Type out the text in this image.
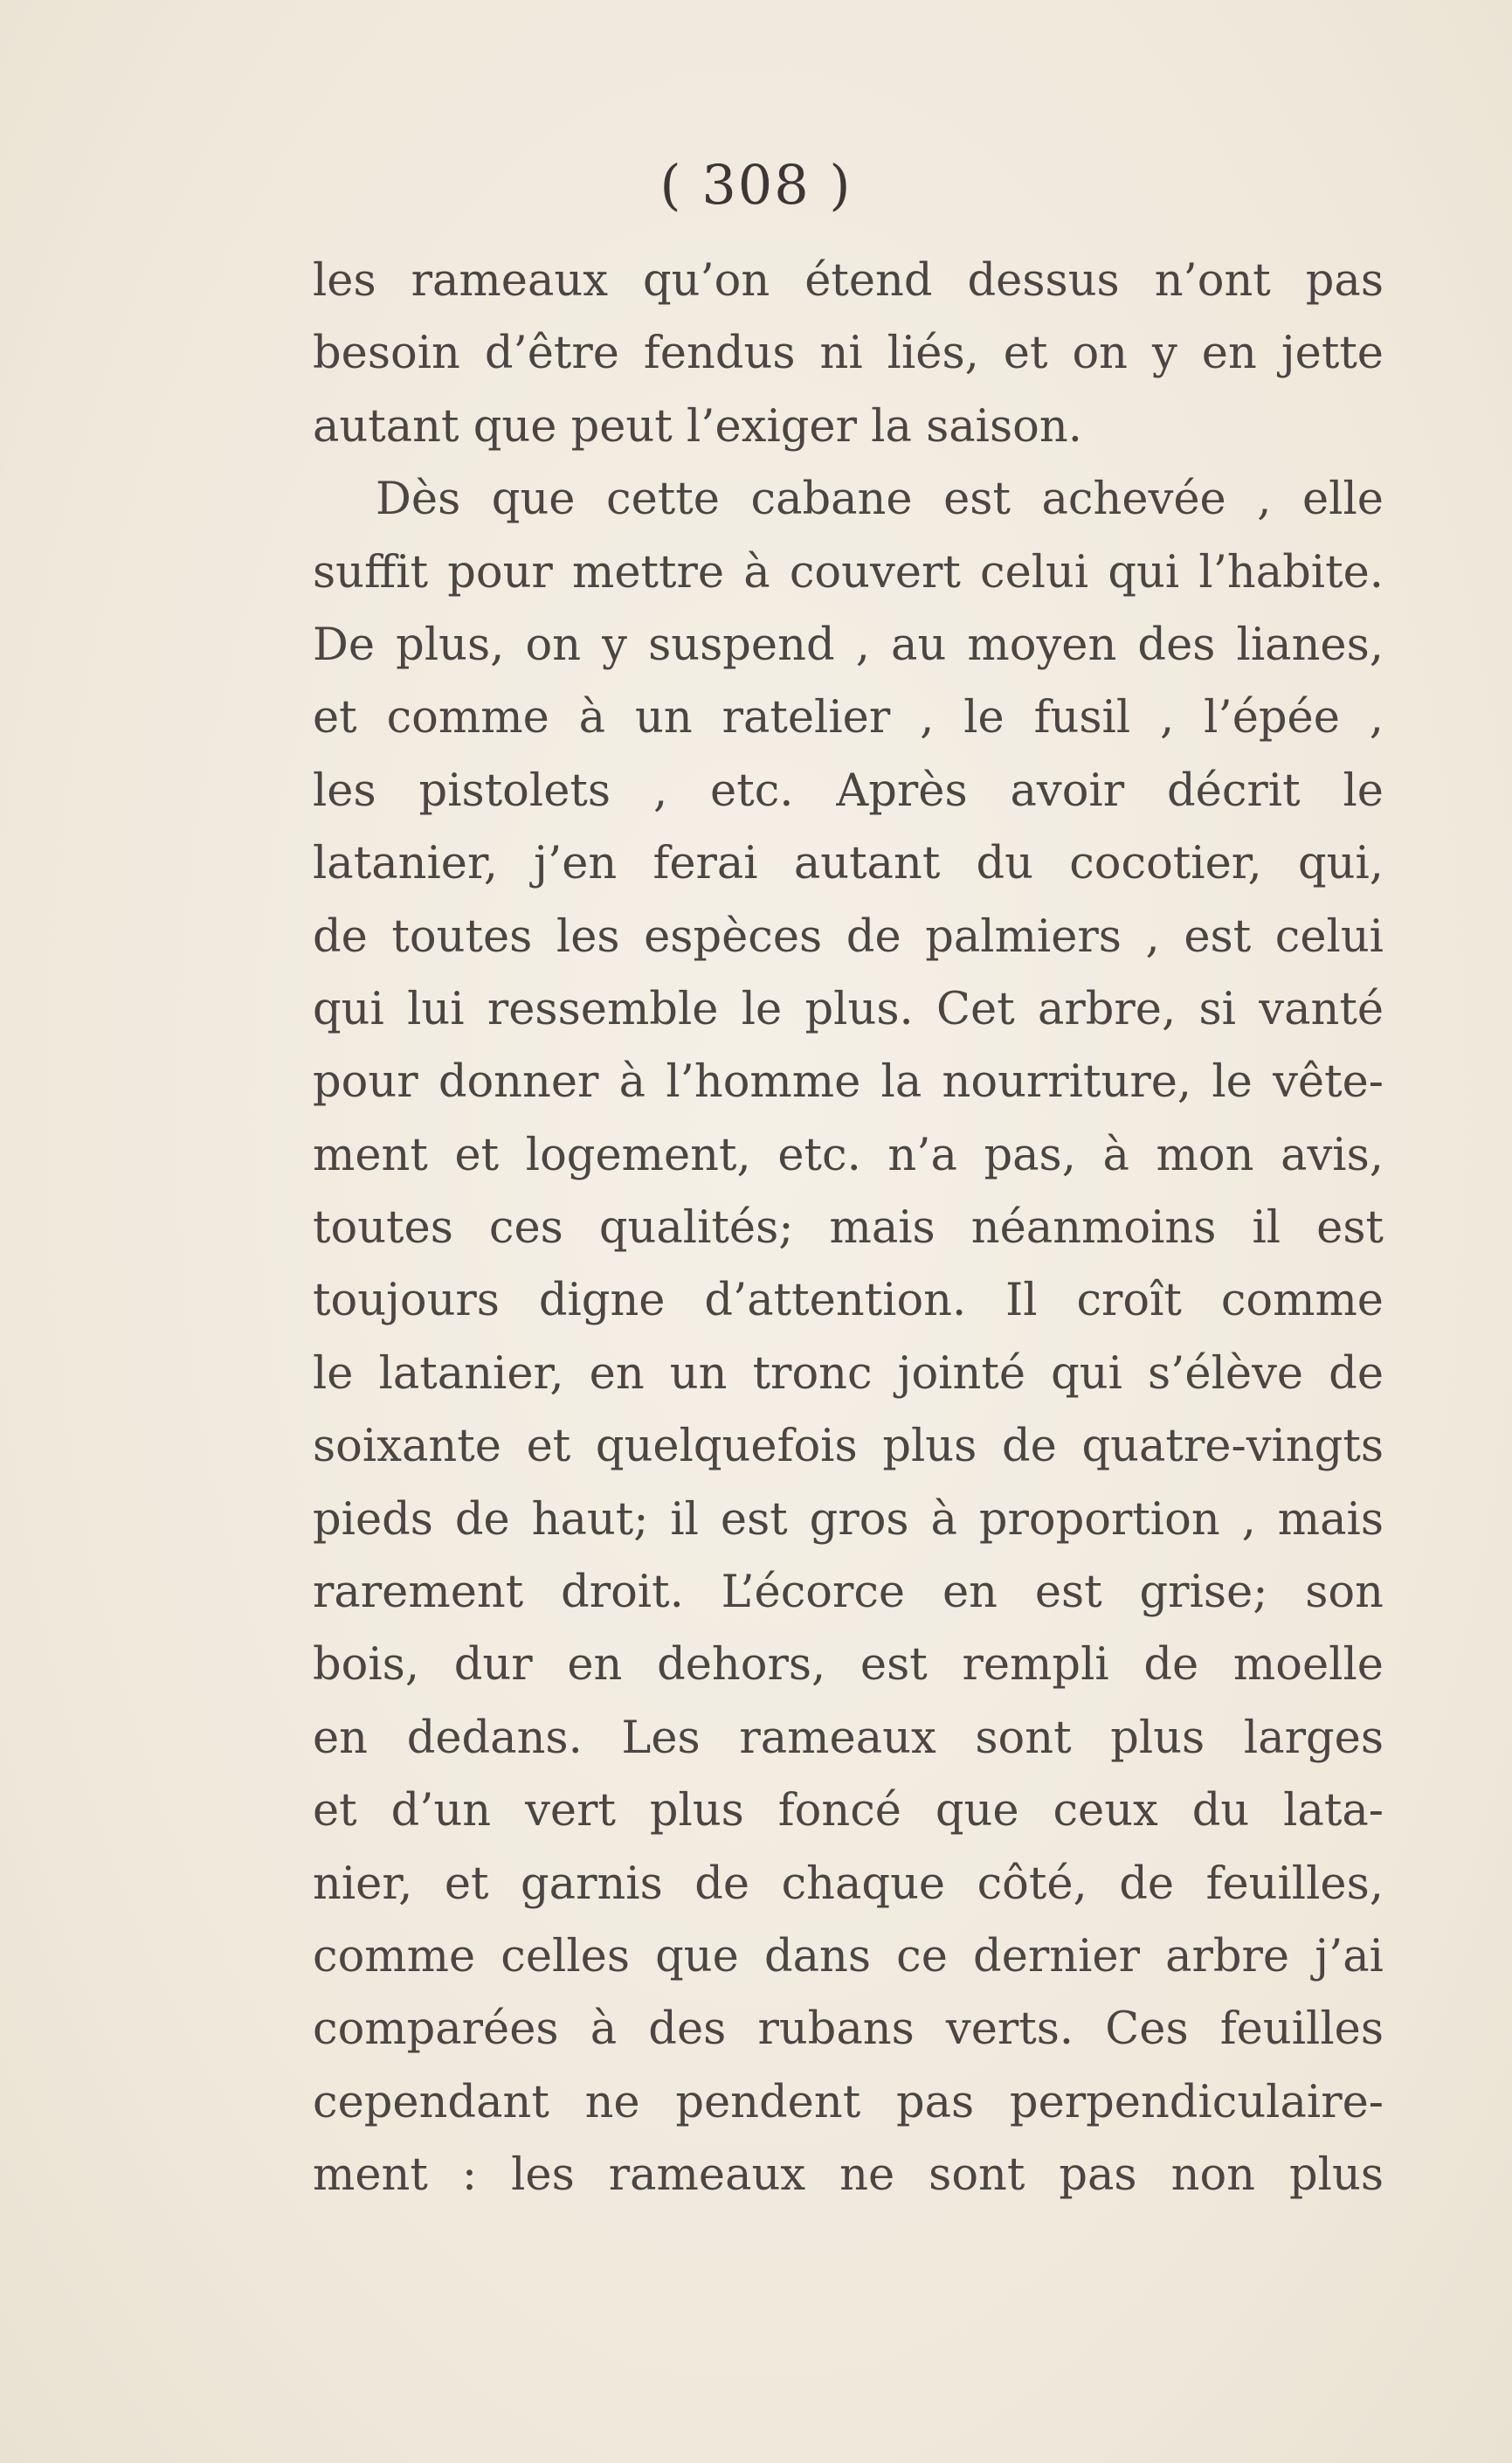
( 308 )
les rameaux qu’on étend dessus n’ont pas
besoin d’être fendus ni liés, et on y en jette
autant que peut l’exiger la saison.
Dès que cette cabane est achevée , elle
suffit pour mettre à couvert celui qui l’habite.
De plus, on y suspend , au moyen des lianes,
et comme à un ratelier , le fusil , l’épée ,
les pistolets , etc. Après avoir décrit le
latanier, j’en ferai autant du cocotier, qui,
de toutes les espèces de palmiers , est celui
qui lui ressemble le plus. Cet arbre, si vanté
pour donner à l’homme la nourriture, le vête-
ment et logement, etc. n’a pas, à mon avis,
toutes ces qualités; mais néanmoins il est
toujours digne d’attention. Il croît comme
le latanier, en un tronc jointé qui s’élève de
soixante et quelquefois plus de quatre-vingts
pieds de haut; il est gros à proportion , mais
rarement droit. L’écorce en est grise; son
bois, dur en dehors, est rempli de moelle
en dedans. Les rameaux sont plus larges
et d’un vert plus foncé que ceux du lata-
nier, et garnis de chaque côté, de feuilles,
comme celles que dans ce dernier arbre j’ai
comparées à des rubans verts. Ces feuilles
cependant ne pendent pas perpendiculaire-
ment : les rameaux ne sont pas non plus
